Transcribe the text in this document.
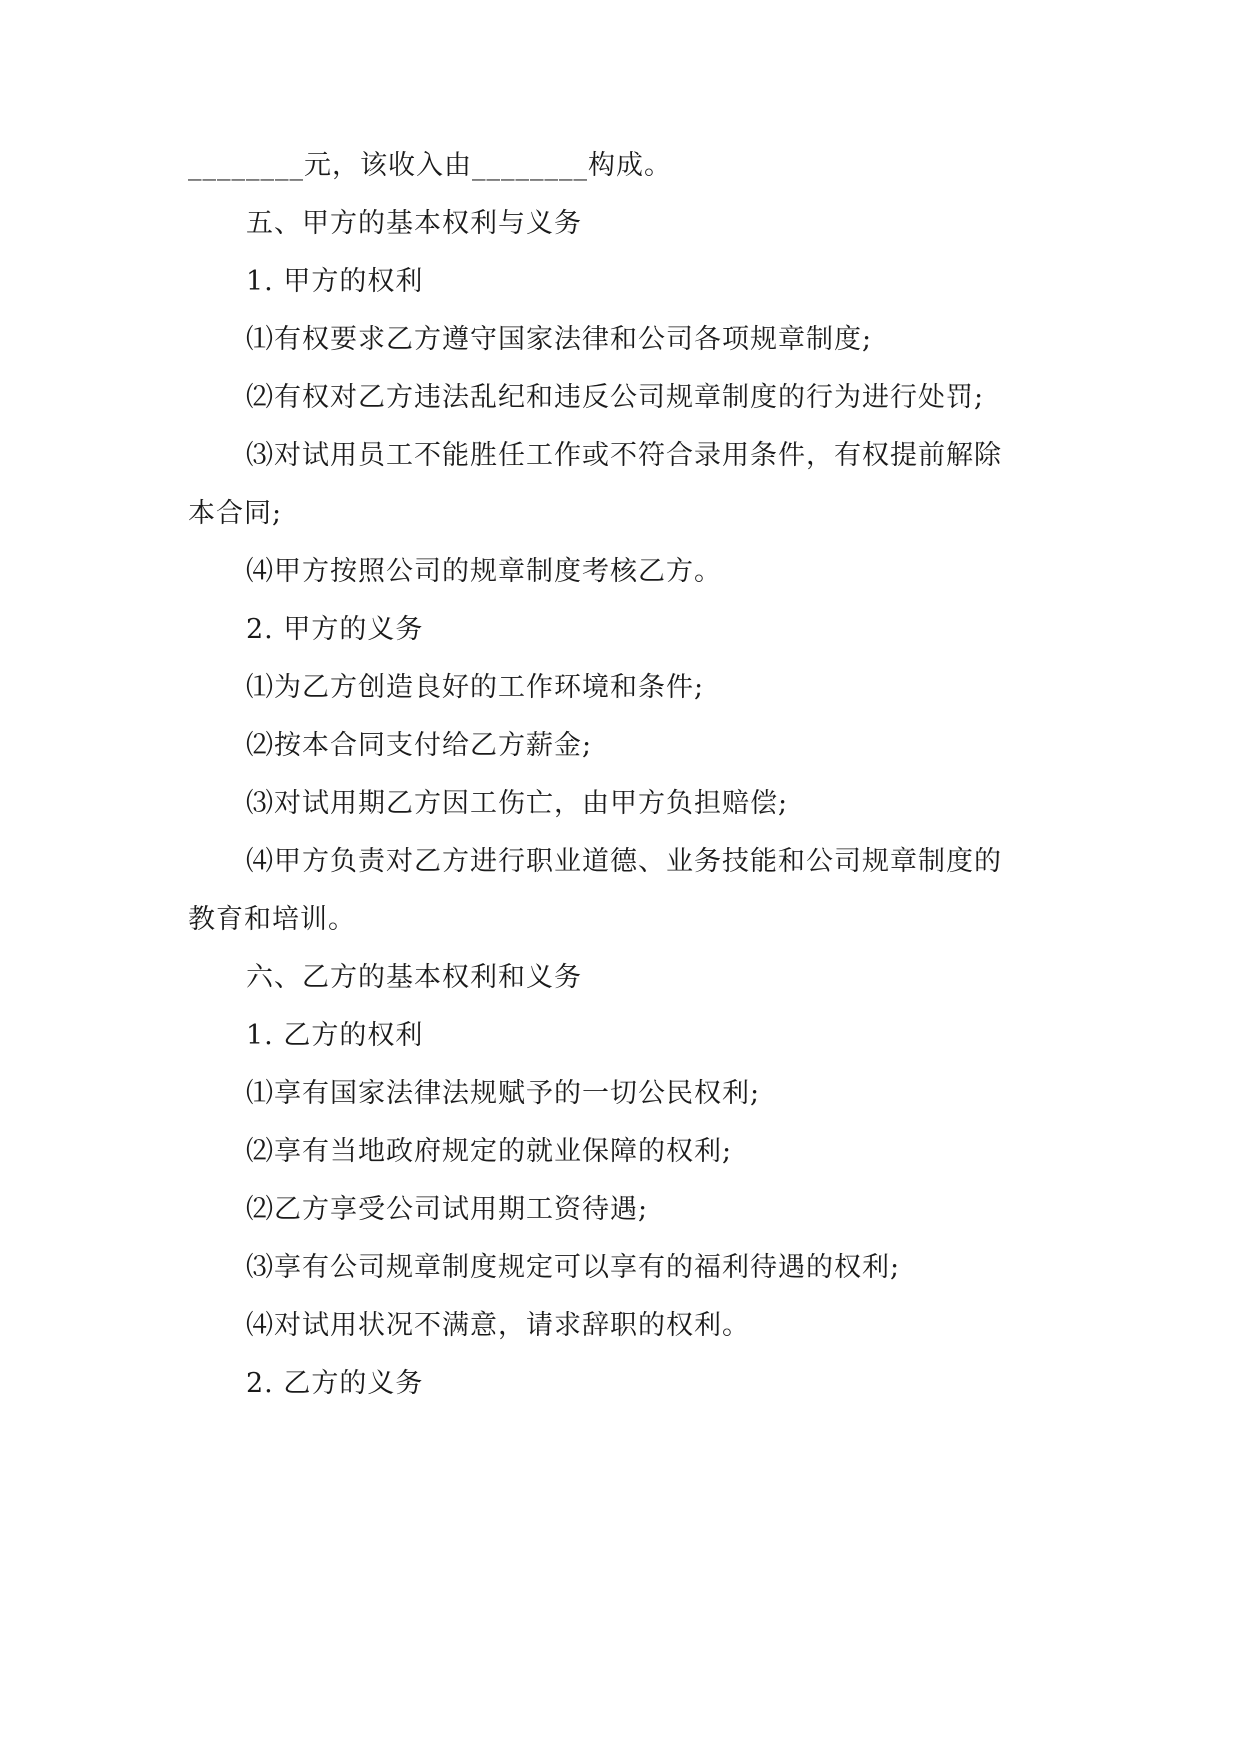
________元，该收入由________构成。
五、甲方的基本权利与义务
1. 甲方的权利
⑴有权要求乙方遵守国家法律和公司各项规章制度;
⑵有权对乙方违法乱纪和违反公司规章制度的行为进行处罚;
⑶对试用员工不能胜任工作或不符合录用条件，有权提前解除
本合同;
⑷甲方按照公司的规章制度考核乙方。
2. 甲方的义务
⑴为乙方创造良好的工作环境和条件;
⑵按本合同支付给乙方薪金;
⑶对试用期乙方因工伤亡，由甲方负担赔偿;
⑷甲方负责对乙方进行职业道德、业务技能和公司规章制度的
教育和培训。
六、乙方的基本权利和义务
1. 乙方的权利
⑴享有国家法律法规赋予的一切公民权利;
⑵享有当地政府规定的就业保障的权利;
⑵乙方享受公司试用期工资待遇;
⑶享有公司规章制度规定可以享有的福利待遇的权利;
⑷对试用状况不满意，请求辞职的权利。
2. 乙方的义务
